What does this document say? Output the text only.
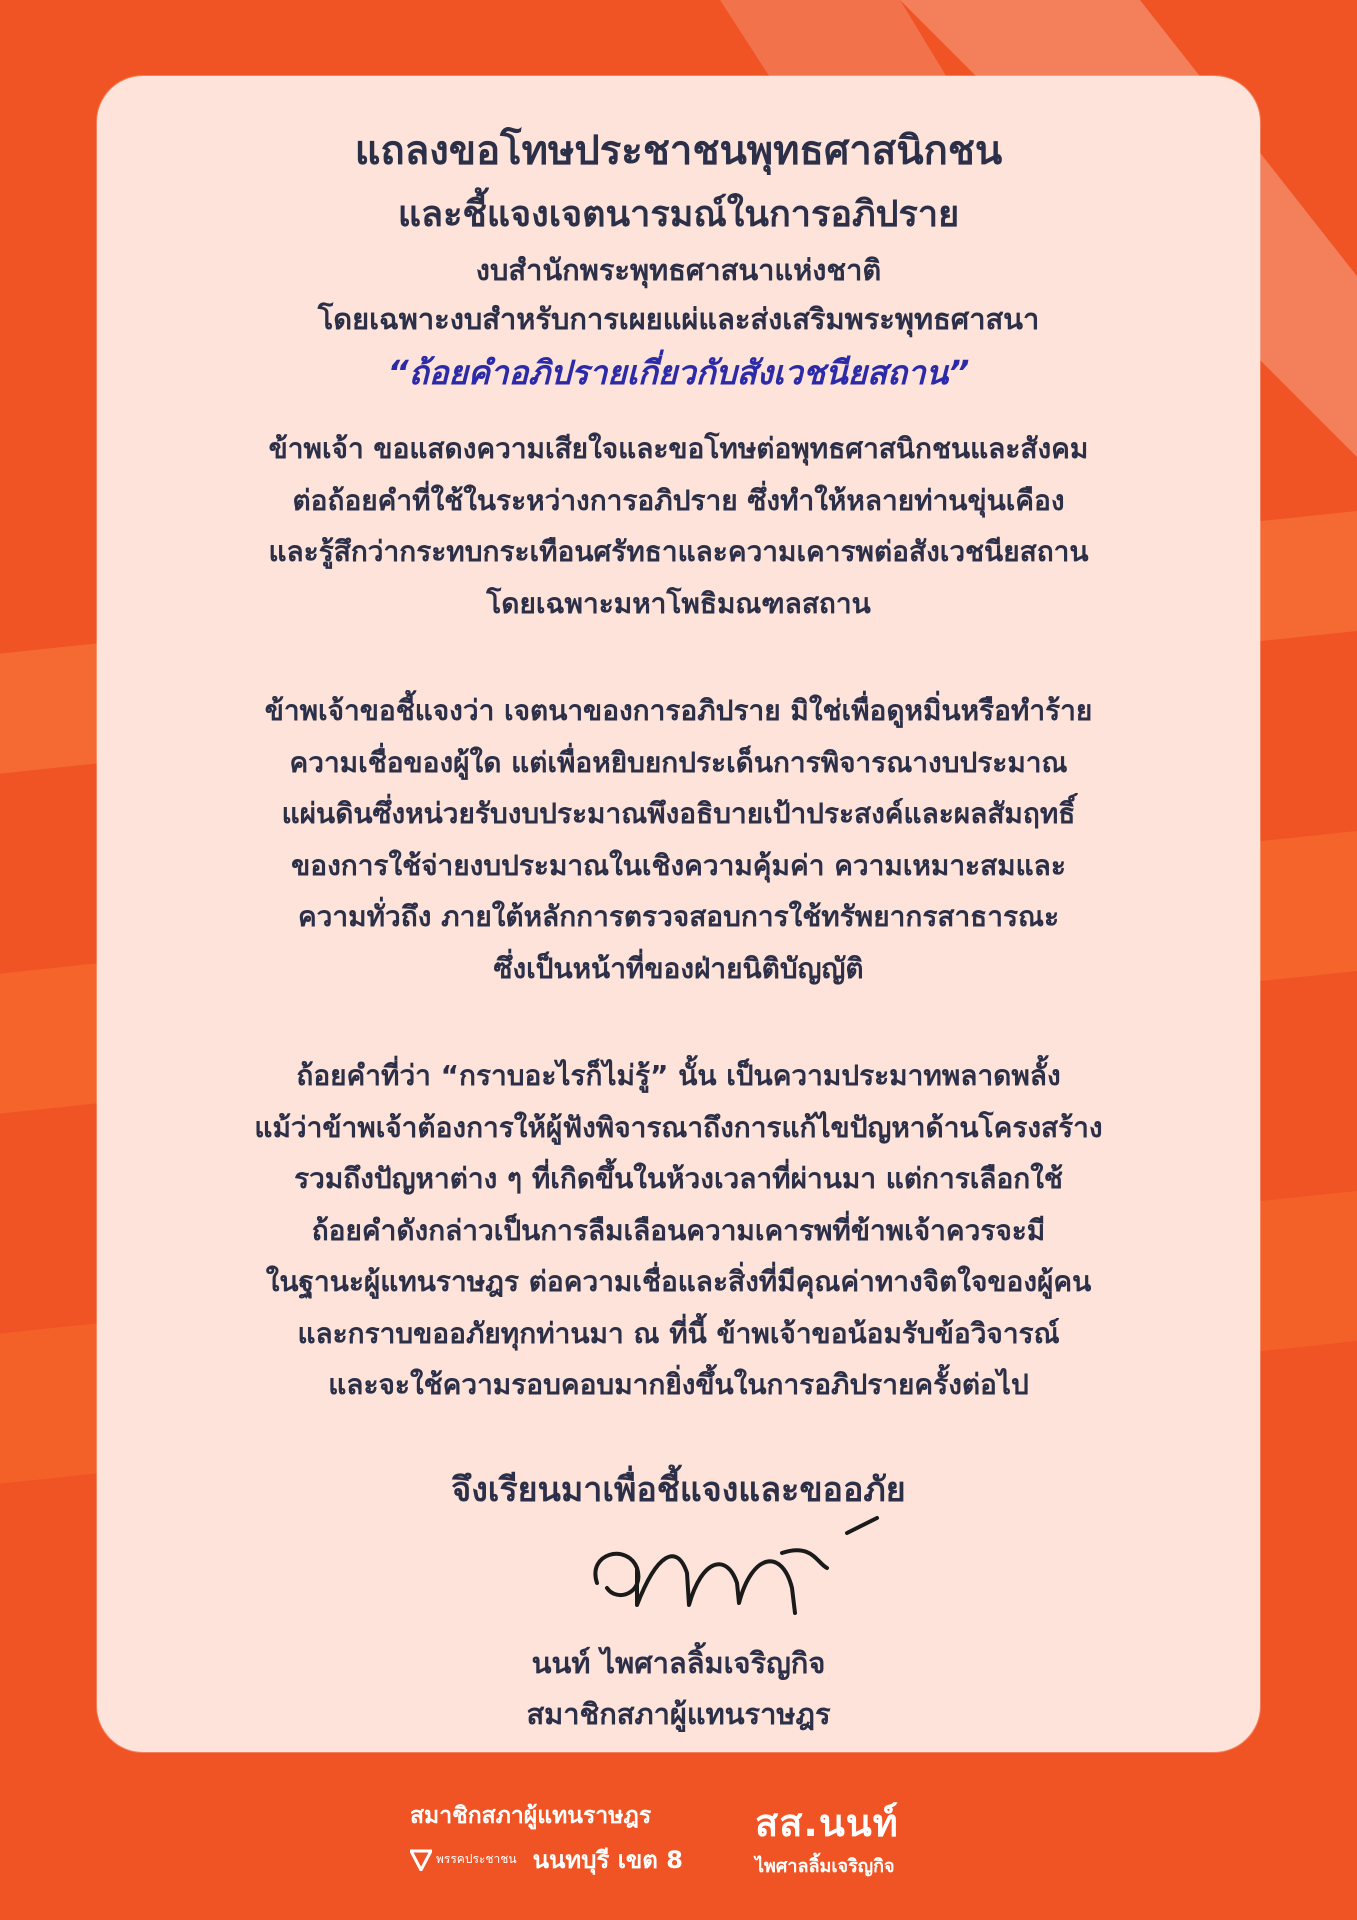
แถลงขอโทษประชาชนพุทธศาสนิกชน
และชี้แจงเจตนารมณ์ในการอภิปราย
งบสำนักพระพุทธศาสนาแห่งชาติ
โดยเฉพาะงบสำหรับการเผยแผ่และส่งเสริมพระพุทธศาสนา
“ถ้อยคำอภิปรายเกี่ยวกับสังเวชนียสถาน”
ข้าพเจ้า ขอแสดงความเสียใจและขอโทษต่อพุทธศาสนิกชนและสังคม
ต่อถ้อยคำที่ใช้ในระหว่างการอภิปราย ซึ่งทำให้หลายท่านขุ่นเคือง
และรู้สึกว่ากระทบกระเทือนศรัทธาและความเคารพต่อสังเวชนียสถาน
โดยเฉพาะมหาโพธิมณฑลสถาน
ข้าพเจ้าขอชี้แจงว่า เจตนาของการอภิปราย มิใช่เพื่อดูหมิ่นหรือทำร้าย
ความเชื่อของผู้ใด แต่เพื่อหยิบยกประเด็นการพิจารณางบประมาณ
แผ่นดินซึ่งหน่วยรับงบประมาณพึงอธิบายเป้าประสงค์และผลสัมฤทธิ์
ของการใช้จ่ายงบประมาณในเชิงความคุ้มค่า ความเหมาะสมและ
ความทั่วถึง ภายใต้หลักการตรวจสอบการใช้ทรัพยากรสาธารณะ
ซึ่งเป็นหน้าที่ของฝ่ายนิติบัญญัติ
ถ้อยคำที่ว่า “กราบอะไรก็ไม่รู้” นั้น เป็นความประมาทพลาดพลั้ง
แม้ว่าข้าพเจ้าต้องการให้ผู้ฟังพิจารณาถึงการแก้ไขปัญหาด้านโครงสร้าง
รวมถึงปัญหาต่าง ๆ ที่เกิดขึ้นในห้วงเวลาที่ผ่านมา แต่การเลือกใช้
ถ้อยคำดังกล่าวเป็นการลืมเลือนความเคารพที่ข้าพเจ้าควรจะมี
ในฐานะผู้แทนราษฎร ต่อความเชื่อและสิ่งที่มีคุณค่าทางจิตใจของผู้คน
และกราบขออภัยทุกท่านมา ณ ที่นี้ ข้าพเจ้าขอน้อมรับข้อวิจารณ์
และจะใช้ความรอบคอบมากยิ่งขึ้นในการอภิปรายครั้งต่อไป
จึงเรียนมาเพื่อชี้แจงและขออภัย
นนท์ ไพศาลลิ้มเจริญกิจ
สมาชิกสภาผู้แทนราษฎร
สมาชิกสภาผู้แทนราษฎร
พรรคประชาชน นนทบุรี เขต 8
สส.นนท์
ไพศาลลิ้มเจริญกิจ
